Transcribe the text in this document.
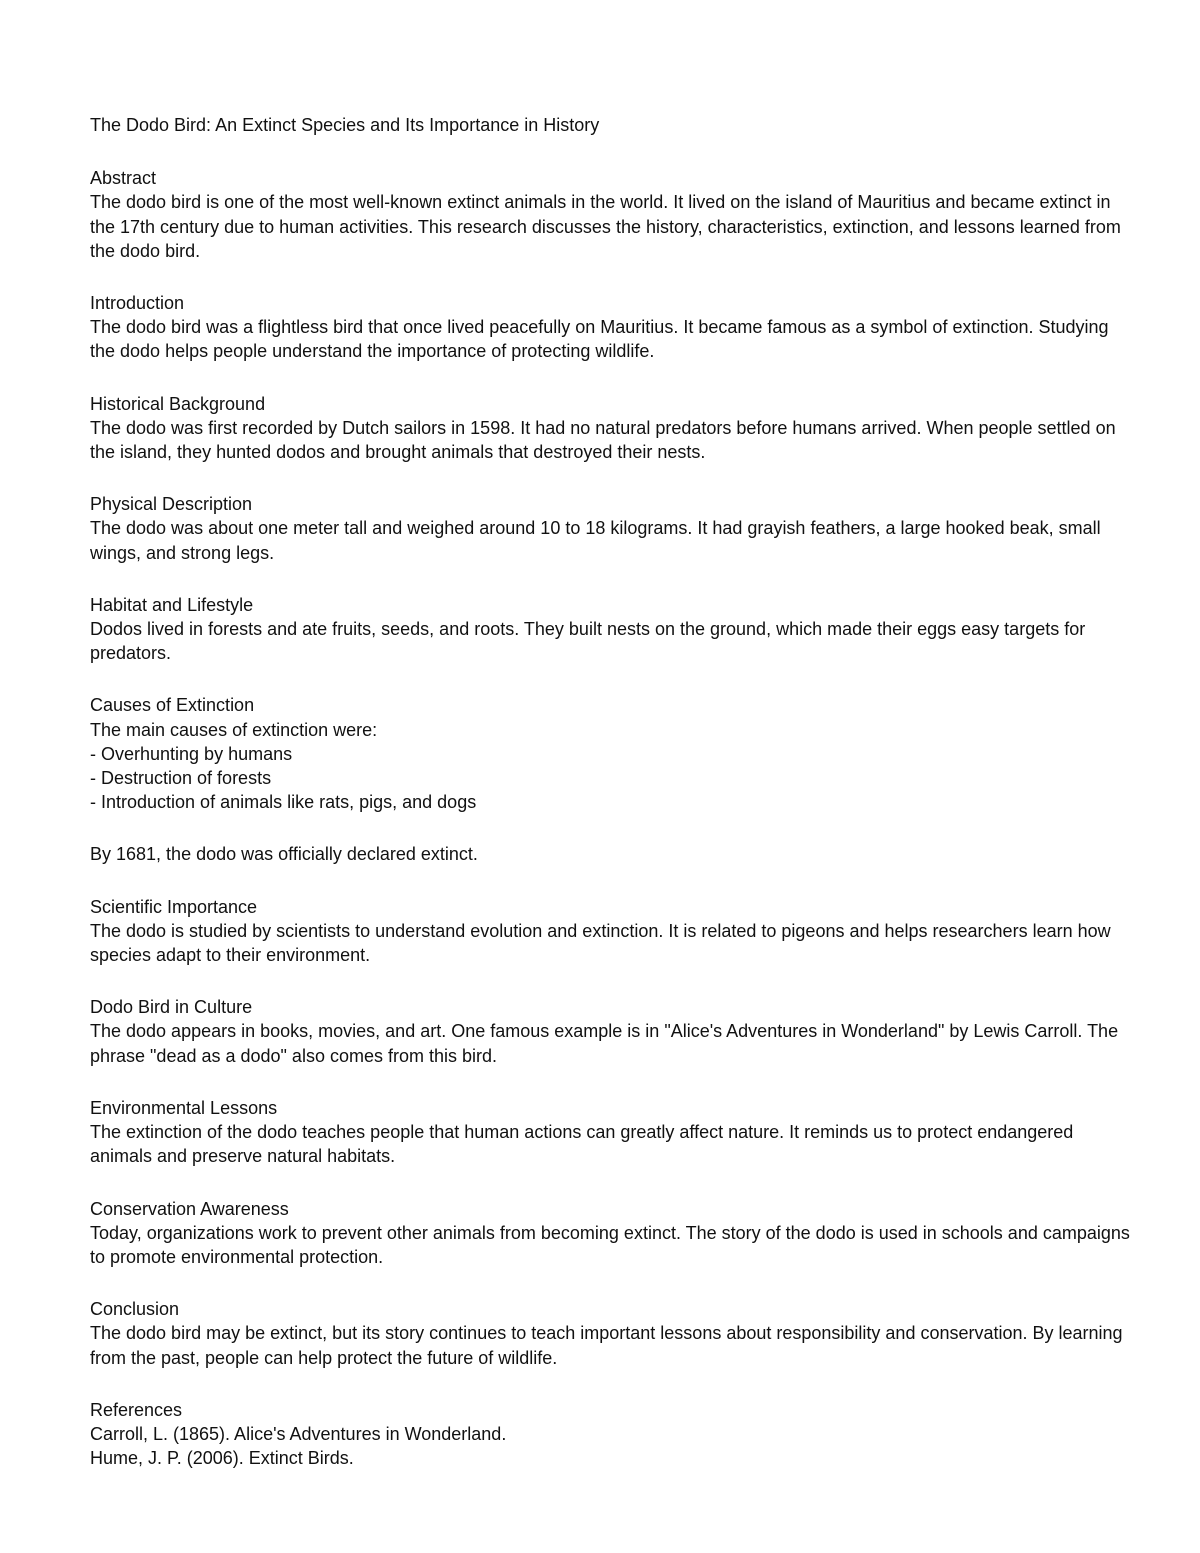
The Dodo Bird: An Extinct Species and Its Importance in History
Abstract

The dodo bird is one of the most well-known extinct animals in the world. It lived on the island of Mauritius and became extinct in the 17th century due to human activities. This research discusses the history, characteristics, extinction, and lessons learned from the dodo bird.

Introduction

The dodo bird was a flightless bird that once lived peacefully on Mauritius. It became famous as a symbol of extinction. Studying the dodo helps people understand the importance of protecting wildlife.

Historical Background

The dodo was first recorded by Dutch sailors in 1598. It had no natural predators before humans arrived. When people settled on the island, they hunted dodos and brought animals that destroyed their nests.

Physical Description

The dodo was about one meter tall and weighed around 10 to 18 kilograms. It had grayish feathers, a large hooked beak, small wings, and strong legs.

Habitat and Lifestyle

Dodos lived in forests and ate fruits, seeds, and roots. They built nests on the ground, which made their eggs easy targets for predators.

Causes of Extinction

The main causes of extinction were:

- Overhunting by humans
- Destruction of forests
- Introduction of animals like rats, pigs, and dogs

By 1681, the dodo was officially declared extinct.

Scientific Importance

The dodo is studied by scientists to understand evolution and extinction. It is related to pigeons and helps researchers learn how species adapt to their environment.

Dodo Bird in Culture

The dodo appears in books, movies, and art. One famous example is in "Alice's Adventures in Wonderland" by Lewis Carroll. The phrase "dead as a dodo" also comes from this bird.

Environmental Lessons

The extinction of the dodo teaches people that human actions can greatly affect nature. It reminds us to protect endangered animals and preserve natural habitats.

Conservation Awareness

Today, organizations work to prevent other animals from becoming extinct. The story of the dodo is used in schools and campaigns to promote environmental protection.

Conclusion

The dodo bird may be extinct, but its story continues to teach important lessons about responsibility and conservation. By learning from the past, people can help protect the future of wildlife.

References
Carroll, L. (1865). Alice's Adventures in Wonderland.
Hume, J. P. (2006). Extinct Birds.
